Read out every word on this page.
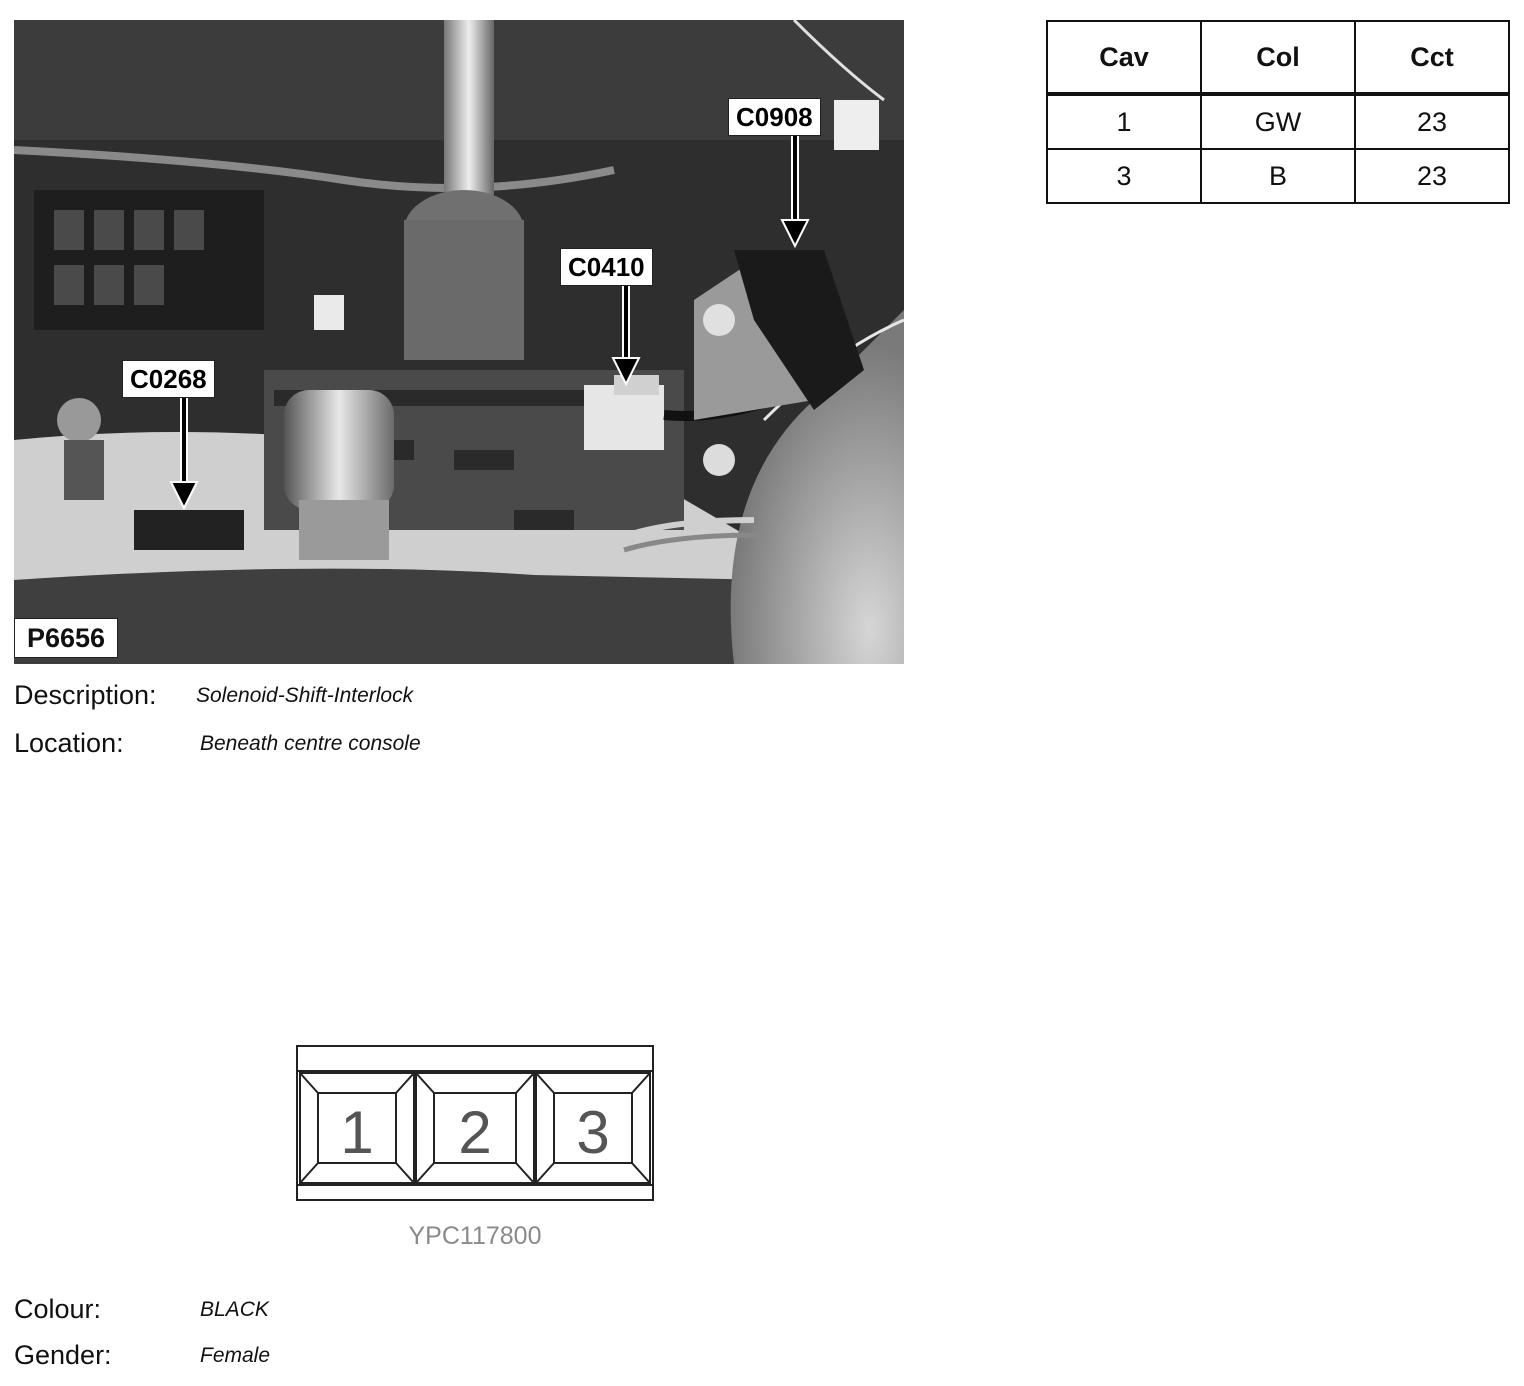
C0908
C0410
C0268
P6656
Cav	Col	Cct
1	GW	23
3	B	23
Description: Solenoid-Shift-Interlock
Location:	Beneath centre console
1 2 3
YPC117800
Colour:	BLACK
Gender:	Female
